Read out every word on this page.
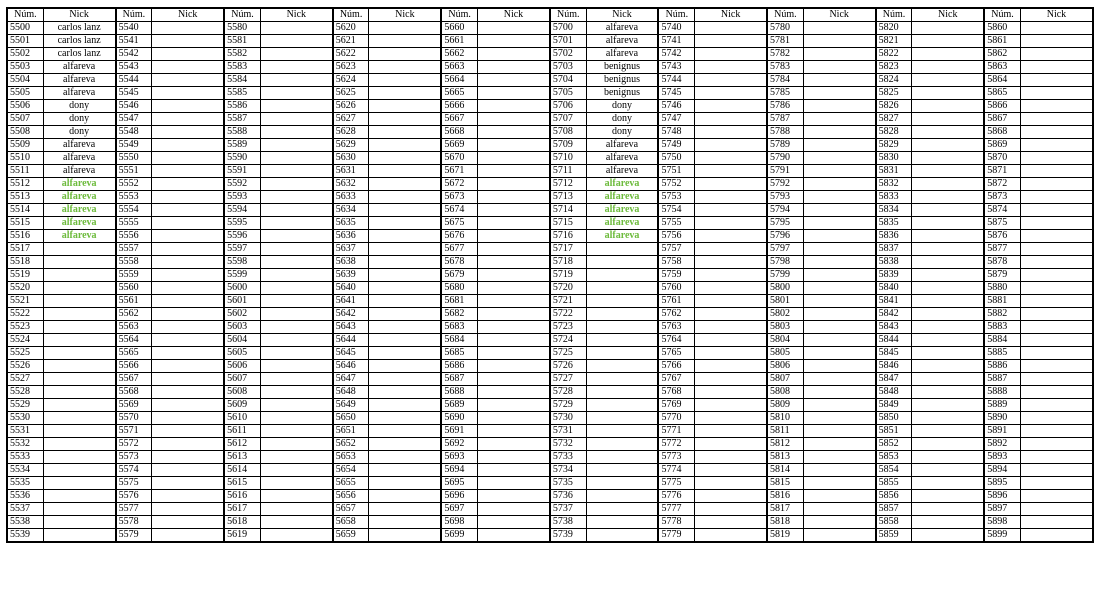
Núm.	Nick	Núm.	Nick	Núm.	Nick	Núm.	Nick	Núm.	Nick	Núm.	Nick	Núm.	Nick	Núm.	Nick	Núm.	Nick	Núm.	Nick
5500	carlos lanz	5540		5580		5620		5660		5700	alfareva	5740		5780		5820		5860	
5501	carlos lanz	5541		5581		5621		5661		5701	alfareva	5741		5781		5821		5861	
5502	carlos lanz	5542		5582		5622		5662		5702	alfareva	5742		5782		5822		5862	
5503	alfareva	5543		5583		5623		5663		5703	benignus	5743		5783		5823		5863	
5504	alfareva	5544		5584		5624		5664		5704	benignus	5744		5784		5824		5864	
5505	alfareva	5545		5585		5625		5665		5705	benignus	5745		5785		5825		5865	
5506	dony	5546		5586		5626		5666		5706	dony	5746		5786		5826		5866	
5507	dony	5547		5587		5627		5667		5707	dony	5747		5787		5827		5867	
5508	dony	5548		5588		5628		5668		5708	dony	5748		5788		5828		5868	
5509	alfareva	5549		5589		5629		5669		5709	alfareva	5749		5789		5829		5869	
5510	alfareva	5550		5590		5630		5670		5710	alfareva	5750		5790		5830		5870	
5511	alfareva	5551		5591		5631		5671		5711	alfareva	5751		5791		5831		5871	
5512	alfareva	5552		5592		5632		5672		5712	alfareva	5752		5792		5832		5872	
5513	alfareva	5553		5593		5633		5673		5713	alfareva	5753		5793		5833		5873	
5514	alfareva	5554		5594		5634		5674		5714	alfareva	5754		5794		5834		5874	
5515	alfareva	5555		5595		5635		5675		5715	alfareva	5755		5795		5835		5875	
5516	alfareva	5556		5596		5636		5676		5716	alfareva	5756		5796		5836		5876	
5517		5557		5597		5637		5677		5717		5757		5797		5837		5877	
5518		5558		5598		5638		5678		5718		5758		5798		5838		5878	
5519		5559		5599		5639		5679		5719		5759		5799		5839		5879	
5520		5560		5600		5640		5680		5720		5760		5800		5840		5880	
5521		5561		5601		5641		5681		5721		5761		5801		5841		5881	
5522		5562		5602		5642		5682		5722		5762		5802		5842		5882	
5523		5563		5603		5643		5683		5723		5763		5803		5843		5883	
5524		5564		5604		5644		5684		5724		5764		5804		5844		5884	
5525		5565		5605		5645		5685		5725		5765		5805		5845		5885	
5526		5566		5606		5646		5686		5726		5766		5806		5846		5886	
5527		5567		5607		5647		5687		5727		5767		5807		5847		5887	
5528		5568		5608		5648		5688		5728		5768		5808		5848		5888	
5529		5569		5609		5649		5689		5729		5769		5809		5849		5889	
5530		5570		5610		5650		5690		5730		5770		5810		5850		5890	
5531		5571		5611		5651		5691		5731		5771		5811		5851		5891	
5532		5572		5612		5652		5692		5732		5772		5812		5852		5892	
5533		5573		5613		5653		5693		5733		5773		5813		5853		5893	
5534		5574		5614		5654		5694		5734		5774		5814		5854		5894	
5535		5575		5615		5655		5695		5735		5775		5815		5855		5895	
5536		5576		5616		5656		5696		5736		5776		5816		5856		5896	
5537		5577		5617		5657		5697		5737		5777		5817		5857		5897	
5538		5578		5618		5658		5698		5738		5778		5818		5858		5898	
5539		5579		5619		5659		5699		5739		5779		5819		5859		5899	
